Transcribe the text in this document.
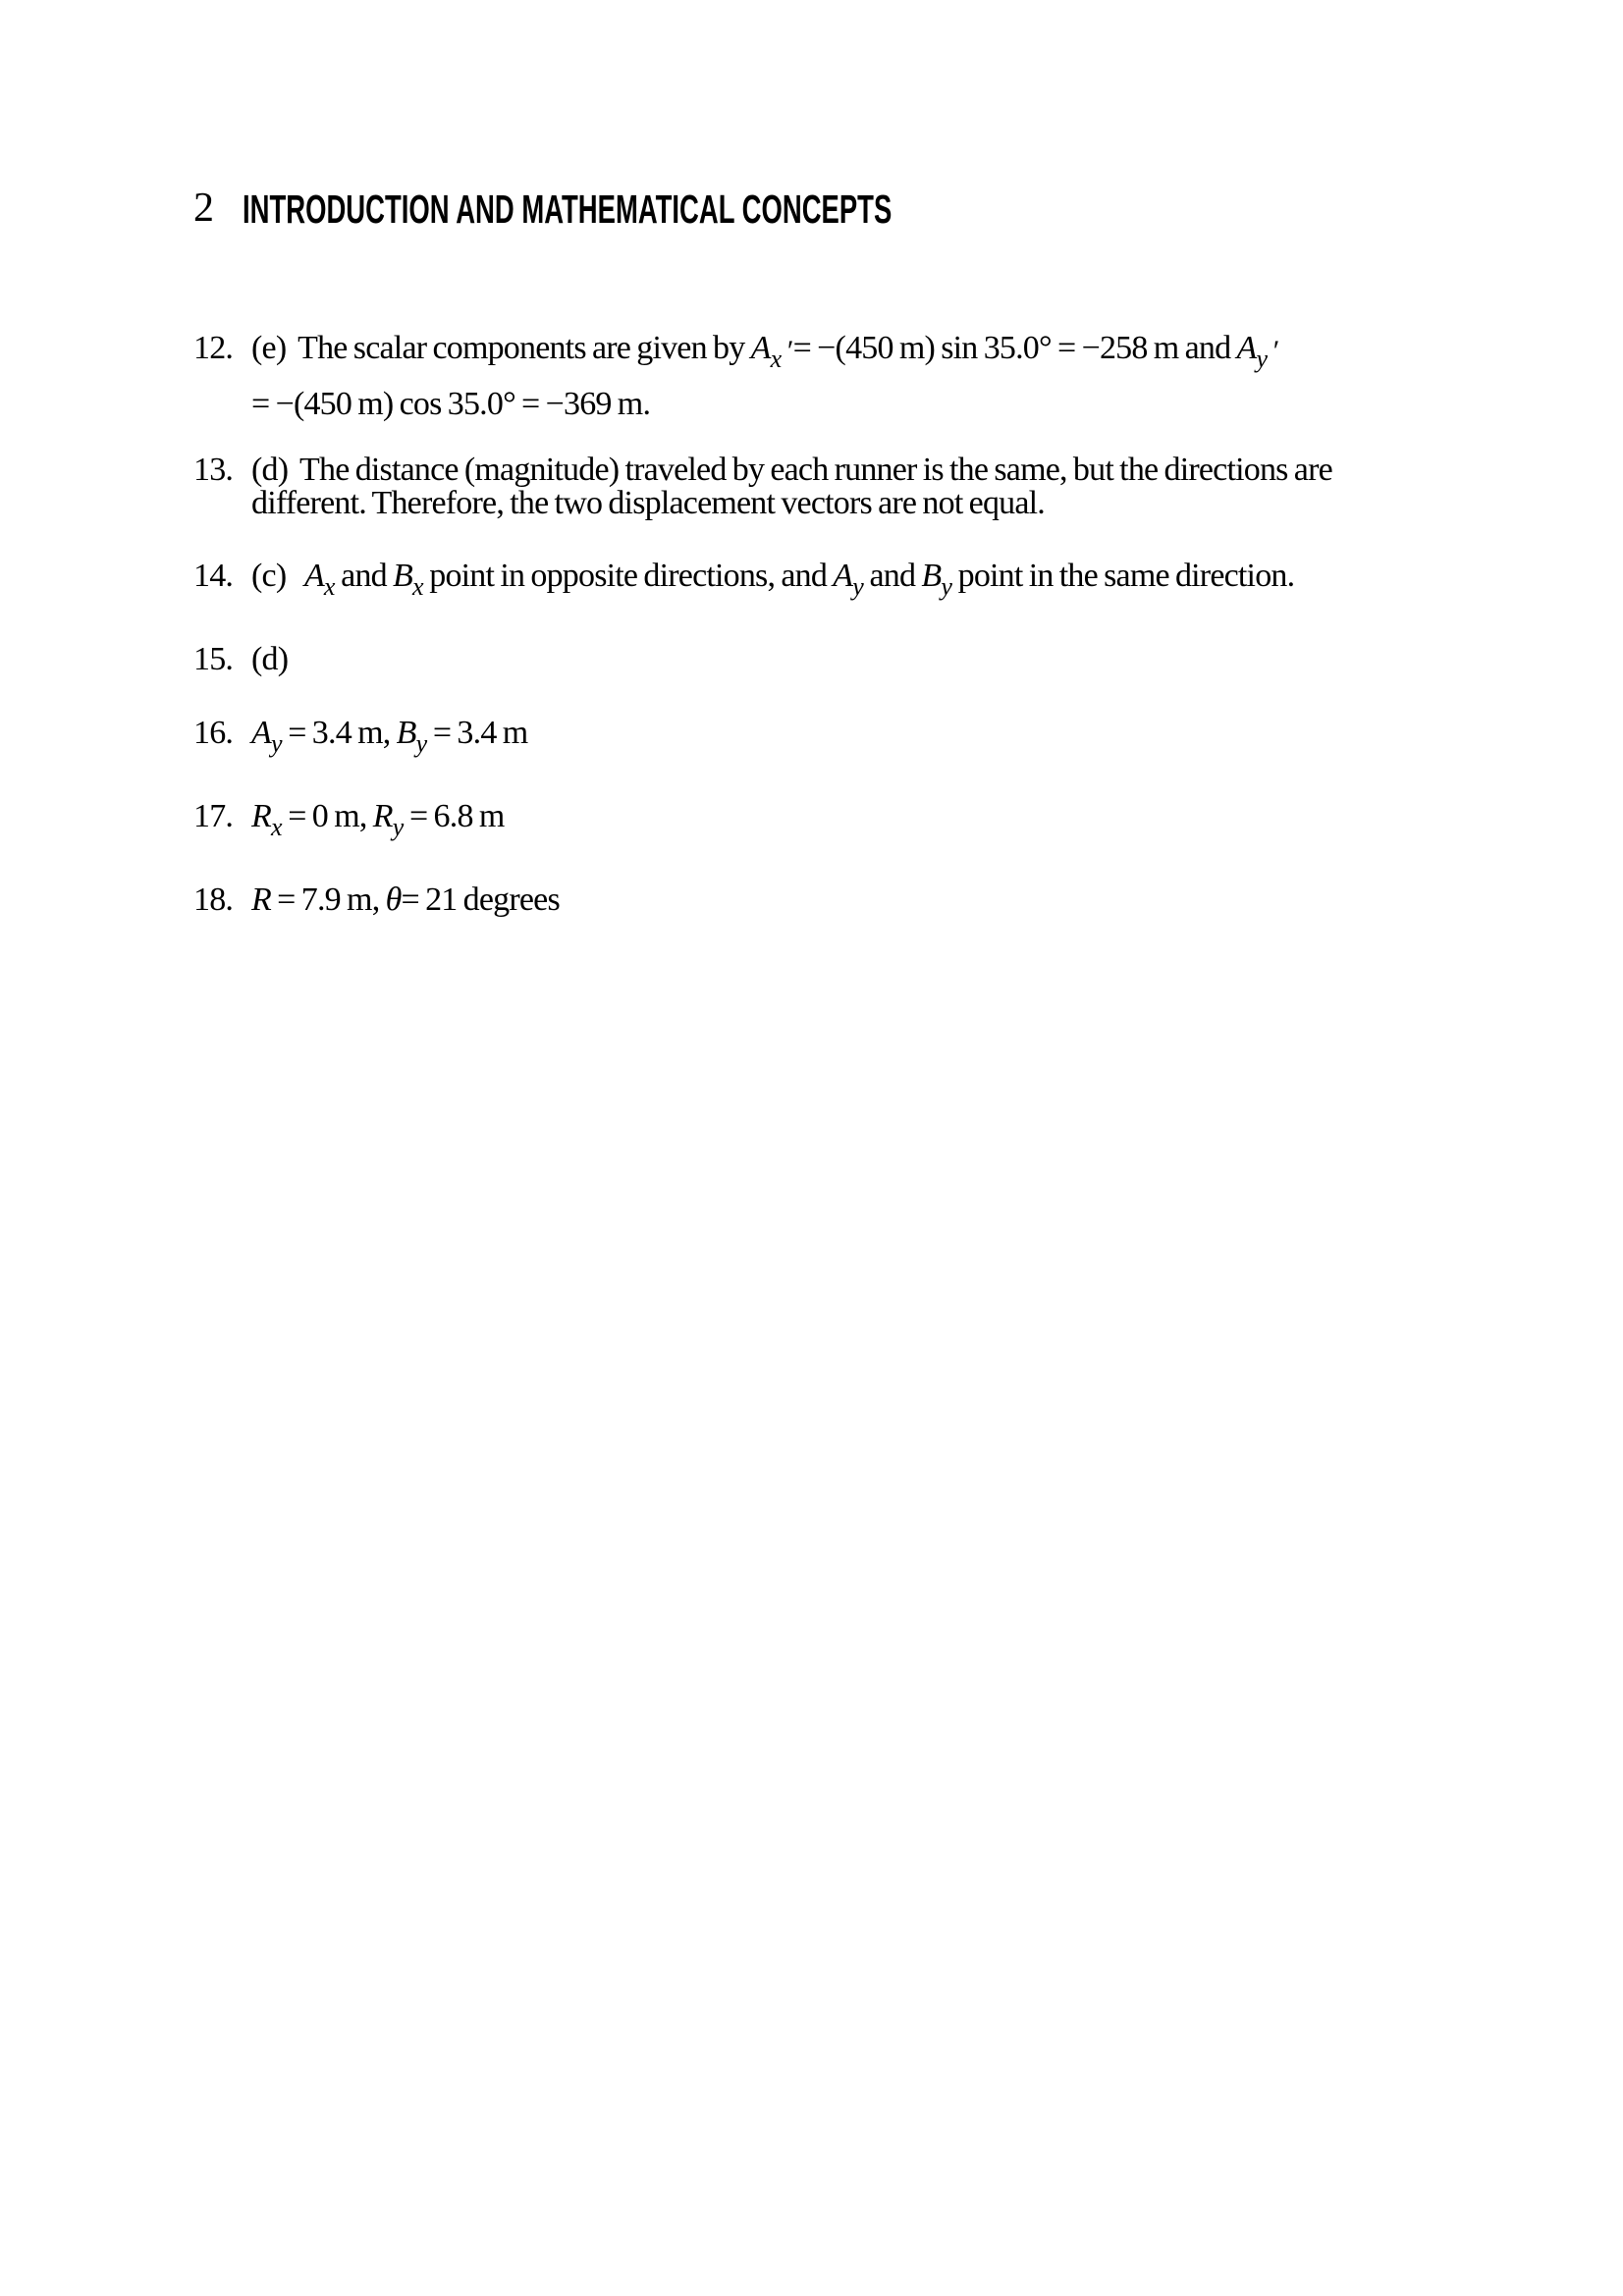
2 INTRODUCTION AND MATHEMATICAL CONCEPTS
12. (e)  The scalar components are given by $A_x$ ′= −(450 m) sin 35.0° = −258 m and $A_y$ ′
= −(450 m) cos 35.0° = −369 m.
13. (d)  The distance (magnitude) traveled by each runner is the same, but the directions are
different. Therefore, the two displacement vectors are not equal.
14. (c)   $A_x$ and $B_x$ point in opposite directions, and $A_y$ and $B_y$ point in the same direction.
15. (d)
16. $A_y = 3.4$ m, $B_y = 3.4$ m
17. $R_x = 0$ m, $R_y = 6.8$ m
18. R = 7.9 m, θ= 21 degrees
